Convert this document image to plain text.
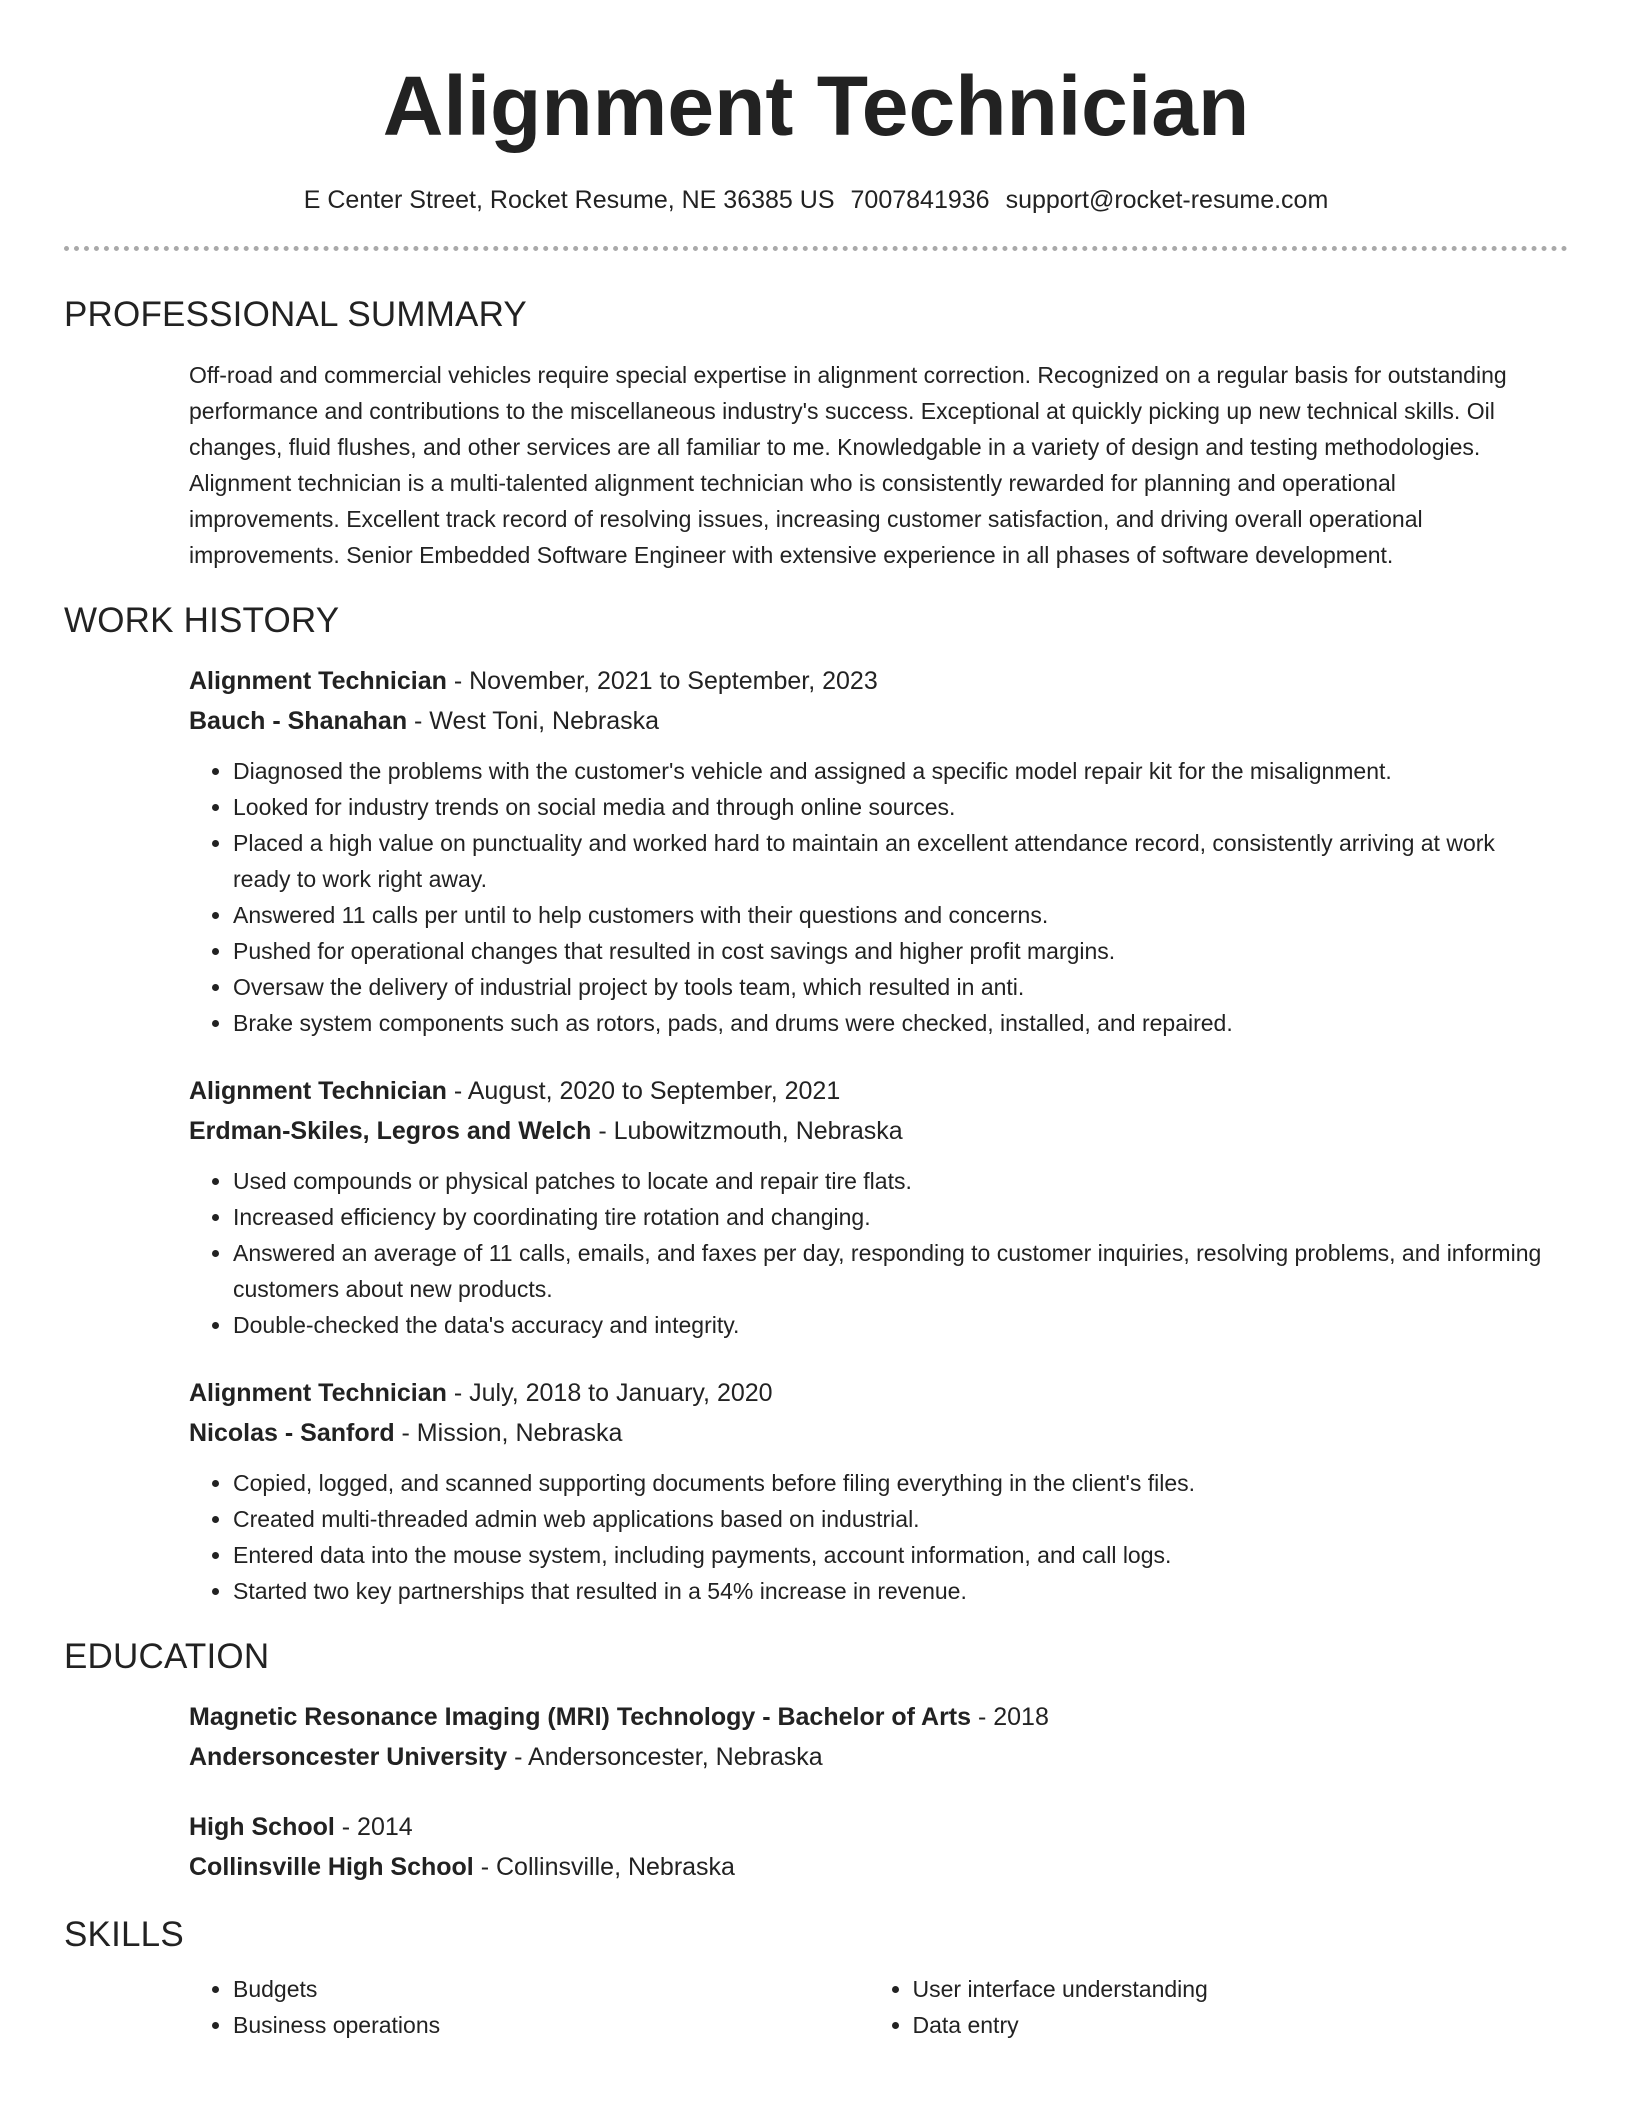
Alignment Technician
E Center Street, Rocket Resume, NE 36385 US 7007841936 support@rocket-resume.com
PROFESSIONAL SUMMARY

Off-road and commercial vehicles require special expertise in alignment correction. Recognized on a regular basis for outstanding performance and contributions to the miscellaneous industry's success. Exceptional at quickly picking up new technical skills. Oil changes, fluid flushes, and other services are all familiar to me. Knowledgable in a variety of design and testing methodologies. Alignment technician is a multi-talented alignment technician who is consistently rewarded for planning and operational improvements. Excellent track record of resolving issues, increasing customer satisfaction, and driving overall operational improvements. Senior Embedded Software Engineer with extensive experience in all phases of software development.

WORK HISTORY
Alignment Technician - November, 2021 to September, 2023
Bauch - Shanahan - West Toni, Nebraska
• Diagnosed the problems with the customer's vehicle and assigned a specific model repair kit for the misalignment.
• Looked for industry trends on social media and through online sources.
• Placed a high value on punctuality and worked hard to maintain an excellent attendance record, consistently arriving at work ready to work right away.
• Answered 11 calls per until to help customers with their questions and concerns.
• Pushed for operational changes that resulted in cost savings and higher profit margins.
• Oversaw the delivery of industrial project by tools team, which resulted in anti.
• Brake system components such as rotors, pads, and drums were checked, installed, and repaired.
Alignment Technician - August, 2020 to September, 2021
Erdman-Skiles, Legros and Welch - Lubowitzmouth, Nebraska
• Used compounds or physical patches to locate and repair tire flats.
• Increased efficiency by coordinating tire rotation and changing.
• Answered an average of 11 calls, emails, and faxes per day, responding to customer inquiries, resolving problems, and informing customers about new products.
• Double-checked the data's accuracy and integrity.
Alignment Technician - July, 2018 to January, 2020
Nicolas - Sanford - Mission, Nebraska
• Copied, logged, and scanned supporting documents before filing everything in the client's files.
• Created multi-threaded admin web applications based on industrial.
• Entered data into the mouse system, including payments, account information, and call logs.
• Started two key partnerships that resulted in a 54% increase in revenue.
EDUCATION
Magnetic Resonance Imaging (MRI) Technology - Bachelor of Arts - 2018
Andersoncester University - Andersoncester, Nebraska
High School - 2014
Collinsville High School - Collinsville, Nebraska
SKILLS
• Budgets
• Business operations
• User interface understanding
• Data entry
